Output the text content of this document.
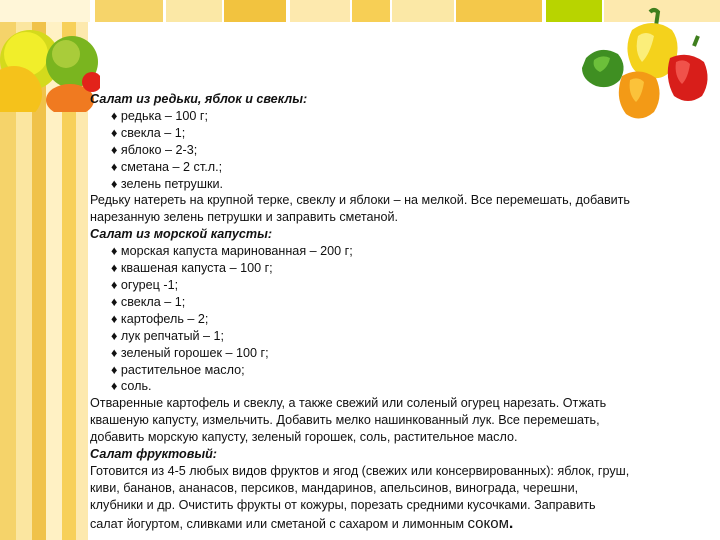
Салат из редьки, яблок и свеклы:

♦ редька – 100 г;

♦ свекла – 1;

♦ яблоко – 2-3;

♦ сметана – 2 ст.л.;

♦ зелень петрушки.

Редьку натереть на крупной терке, свеклу и яблоки – на мелкой. Все перемешать, добавить

нарезанную зелень петрушки и заправить сметаной.

Салат из морской капусты:

♦ морская капуста маринованная – 200 г;

♦ квашеная капуста – 100 г;

♦ огурец -1;

♦ свекла – 1;

♦ картофель – 2;

♦ лук репчатый – 1;

♦ зеленый горошек – 100 г;

♦ растительное масло;

♦ соль.

Отваренные картофель и свеклу, а также свежий или соленый огурец нарезать. Отжать

квашеную капусту, измельчить. Добавить мелко нашинкованный лук. Все перемешать,

добавить морскую капусту, зеленый горошек, соль, растительное масло.

Салат фруктовый:

Готовится из 4-5 любых видов фруктов и ягод (свежих или консервированных): яблок, груш,

киви, бананов, ананасов, персиков, мандаринов, апельсинов, винограда, черешни,

клубники и др. Очистить фрукты от кожуры, порезать средними кусочками. Заправить

салат йогуртом, сливками или сметаной с сахаром и лимонным соком.
